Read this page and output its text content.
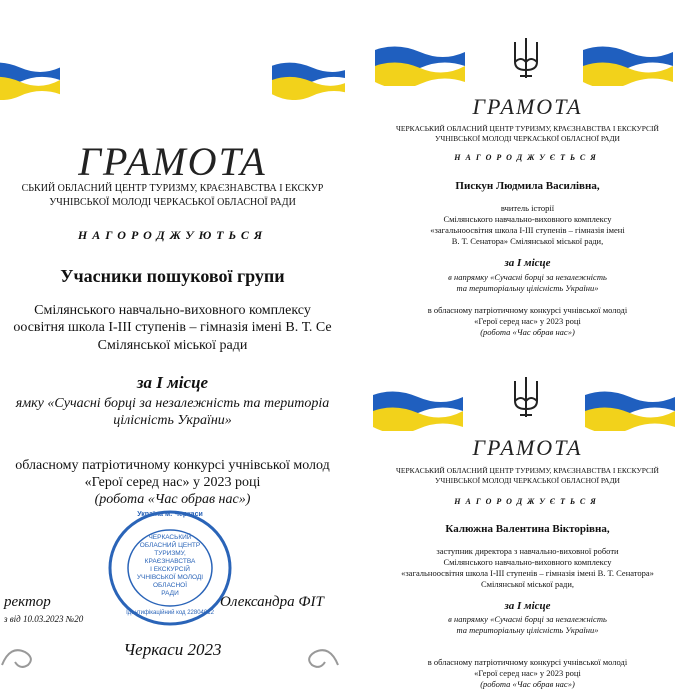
ГРАМОТА
СЬКИЙ ОБЛАСНИЙ ЦЕНТР ТУРИЗМУ, КРАЄЗНАВСТВА І ЕКСКУР
УЧНІВСЬКОЇ МОЛОДІ ЧЕРКАСЬКОЇ ОБЛАСНОЇ РАДИ
НАГОРОДЖУЮТЬСЯ
Учасники пошукової групи
Смілянського навчально-виховного комплексу
оосвітня школа І-ІІІ ступенів – гімназія імені В. Т. Се
Смілянської міської ради
за І місце
ямку «Сучасні борці за незалежність та територіа
цілісність України»
обласному патріотичному конкурсі учнівської молод
«Герої серед нас» у 2023 році
(робота «Час обрав нас»)
ЧЕРКАСЬКИЙ
ОБЛАСНИЙ ЦЕНТР
ТУРИЗМУ,
КРАЄЗНАВСТВА
І ЕКСКУРСІЙ
УЧНІВСЬКОЇ МОЛОДІ
ОБЛАСНОЇ
РАДИ
Україна м. Черкаси
Ідентифікаційний код 22804012
ректор	Олександра ФІТ
з від 10.03.2023 №20
Черкаси 2023
ГРАМОТА
ЧЕРКАСЬКИЙ ОБЛАСНИЙ ЦЕНТР ТУРИЗМУ, КРАЄЗНАВСТВА І ЕКСКУРСІЙ
УЧНІВСЬКОЇ МОЛОДІ ЧЕРКАСЬКОЇ ОБЛАСНОЇ РАДИ
НАГОРОДЖУЄТЬСЯ
Пискун Людмила Василівна,
вчитель історії
Смілянського навчально-виховного комплексу
«загальноосвітня школа І-ІІІ ступенів – гімназія імені
В. Т. Сенатора» Смілянської міської ради,
за І місце
в напрямку «Сучасні борці за незалежність
та територіальну цілісність України»
в обласному патріотичному конкурсі учнівської молоді
«Герої серед нас» у 2023 році
(робота «Час обрав нас»)
ГРАМОТА
ЧЕРКАСЬКИЙ ОБЛАСНИЙ ЦЕНТР ТУРИЗМУ, КРАЄЗНАВСТВА І ЕКСКУРСІЙ
УЧНІВСЬКОЇ МОЛОДІ ЧЕРКАСЬКОЇ ОБЛАСНОЇ РАДИ
НАГОРОДЖУЄТЬСЯ
Калюжна Валентина Вікторівна,
заступник директора з навчально-виховної роботи
Смілянського навчально-виховного комплексу
«загальноосвітня школа І-ІІІ ступенів – гімназія імені В. Т. Сенатора»
Смілянської міської ради,
за І місце
в напрямку «Сучасні борці за незалежність
та територіальну цілісність України»
в обласному патріотичному конкурсі учнівської молоді
«Герої серед нас» у 2023 році
(робота «Час обрав нас»)
